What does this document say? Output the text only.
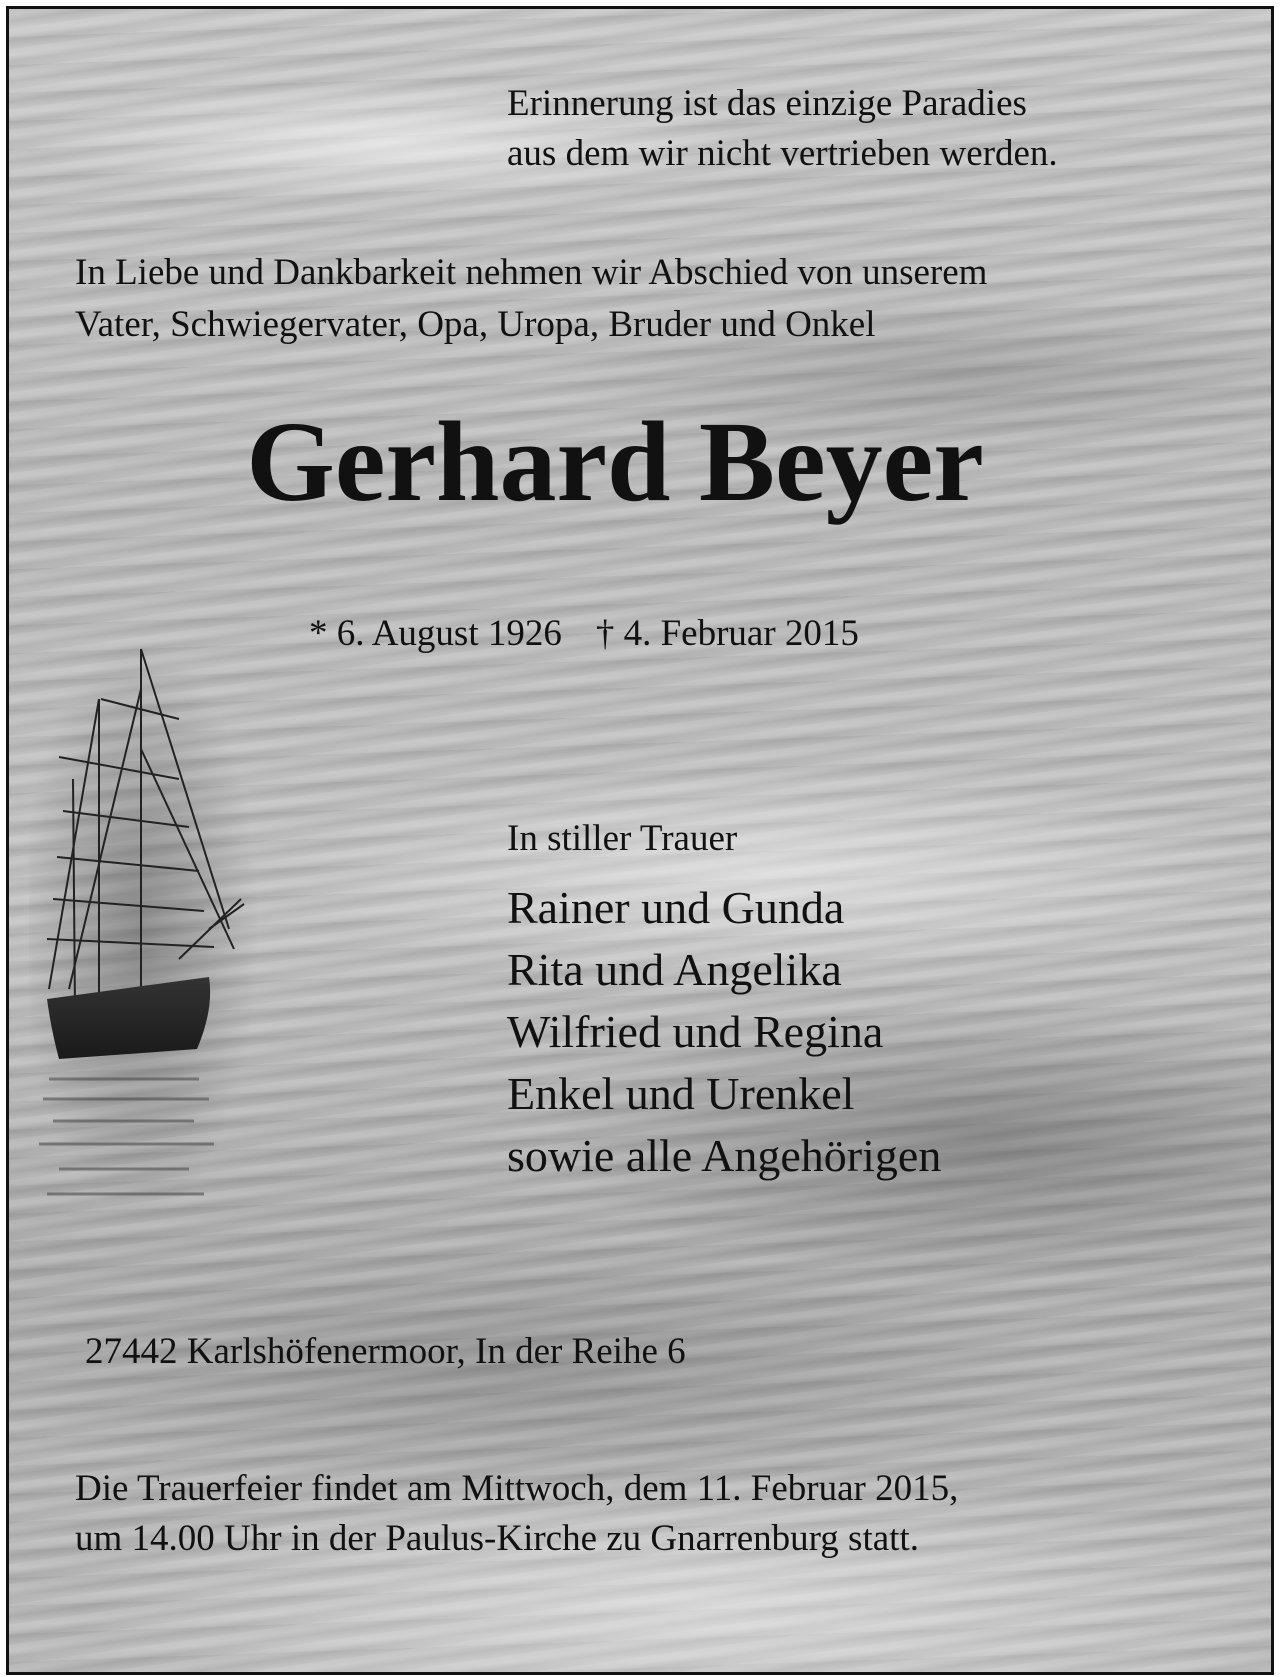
Erinnerung ist das einzige Paradies
aus dem wir nicht vertrieben werden.

In Liebe und Dankbarkeit nehmen wir Abschied von unserem
Vater, Schwiegervater, Opa, Uropa, Bruder und Onkel

Gerhard Beyer

* 6. August 1926 † 4. Februar 2015

In stiller Trauer

Rainer und Gunda
Rita und Angelika
Wilfried und Regina
Enkel und Urenkel
sowie alle Angehörigen

27442 Karlshöfenermoor, In der Reihe 6

Die Trauerfeier findet am Mittwoch, dem 11. Februar 2015,
um 14.00 Uhr in der Paulus-Kirche zu Gnarrenburg statt.
